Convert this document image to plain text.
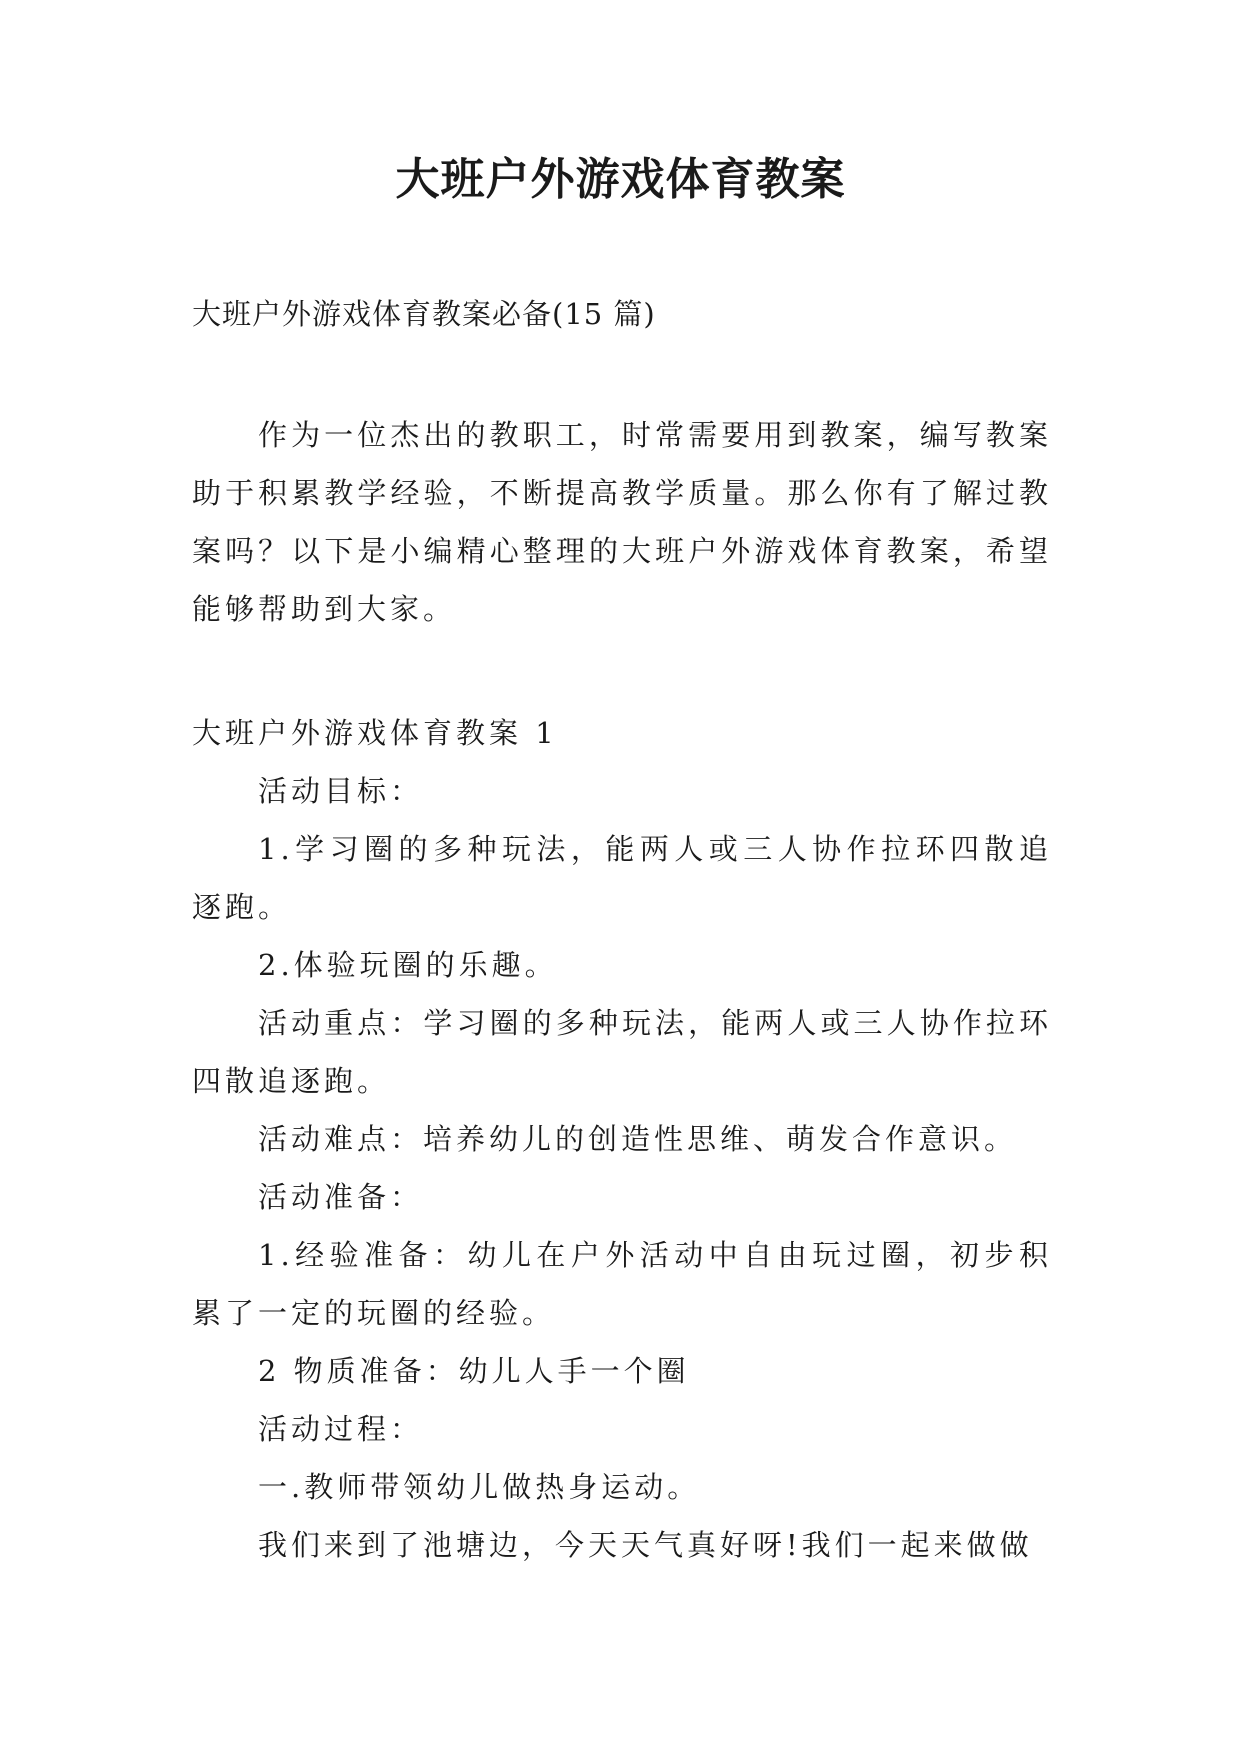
大班户外游戏体育教案

大班户外游戏体育教案必备(15 篇)

作为一位杰出的教职工，时常需要用到教案，编写教案助于积累教学经验，不断提高教学质量。那么你有了解过教案吗？以下是小编精心整理的大班户外游戏体育教案，希望能够帮助到大家。

大班户外游戏体育教案 1

活动目标：

1.学习圈的多种玩法，能两人或三人协作拉环四散追逐跑。

2.体验玩圈的乐趣。

活动重点：学习圈的多种玩法，能两人或三人协作拉环四散追逐跑。

活动难点：培养幼儿的创造性思维、萌发合作意识。

活动准备：

1.经验准备：幼儿在户外活动中自由玩过圈，初步积累了一定的玩圈的经验。

2 物质准备：幼儿人手一个圈

活动过程：

一.教师带领幼儿做热身运动。

我们来到了池塘边，今天天气真好呀!我们一起来做做
